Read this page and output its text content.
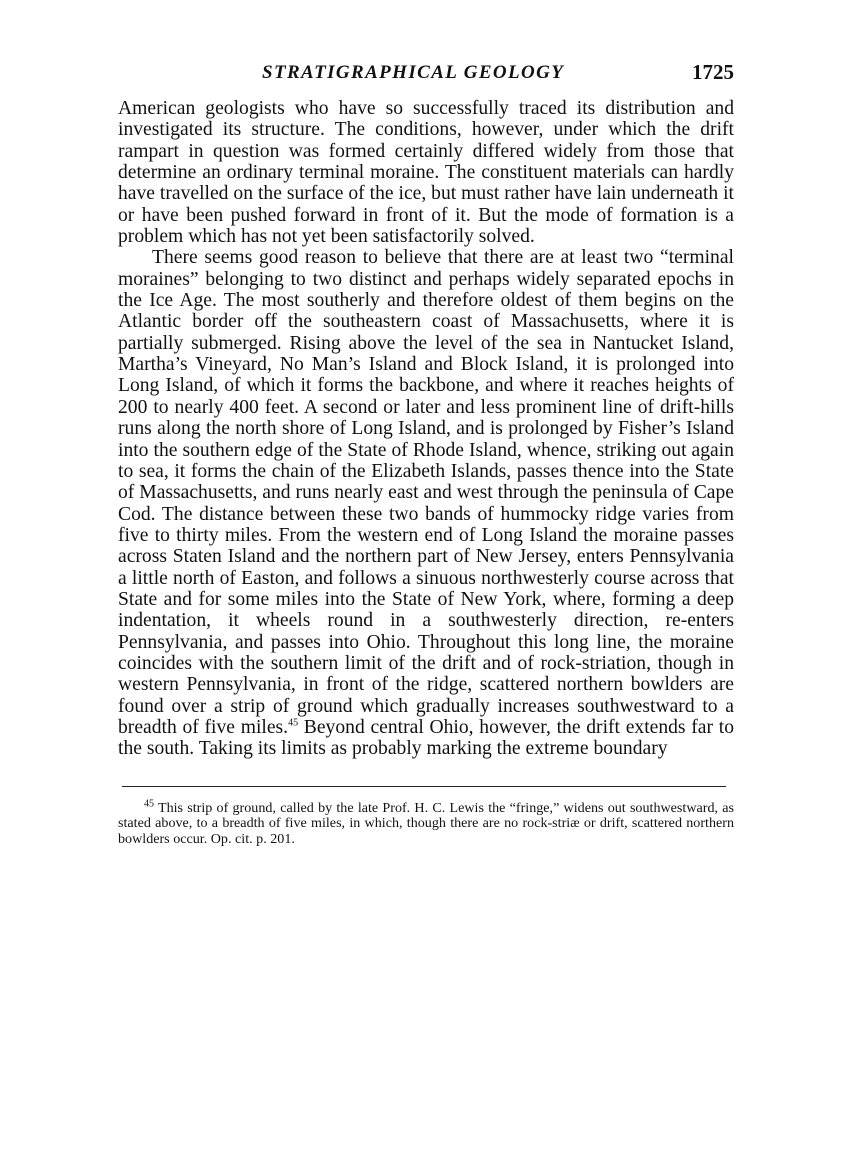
STRATIGRAPHICAL GEOLOGY	1725

American geologists who have so successfully traced its distribution and investigated its structure. The conditions, however, under which the drift rampart in question was formed certainly differed widely from those that determine an ordinary terminal moraine. The constituent materials can hardly have travelled on the surface of the ice, but must rather have lain underneath it or have been pushed forward in front of it. But the mode of formation is a problem which has not yet been satisfactorily solved.

There seems good reason to believe that there are at least two “terminal moraines” belonging to two distinct and perhaps widely separated epochs in the Ice Age. The most southerly and therefore oldest of them begins on the Atlantic border off the southeastern coast of Massachusetts, where it is partially submerged. Rising above the level of the sea in Nantucket Island, Martha’s Vineyard, No Man’s Island and Block Island, it is prolonged into Long Island, of which it forms the backbone, and where it reaches heights of 200 to nearly 400 feet. A second or later and less prominent line of drift-hills runs along the north shore of Long Island, and is prolonged by Fisher’s Island into the southern edge of the State of Rhode Island, whence, striking out again to sea, it forms the chain of the Elizabeth Islands, passes thence into the State of Massachusetts, and runs nearly east and west through the peninsula of Cape Cod. The distance between these two bands of hummocky ridge varies from five to thirty miles. From the western end of Long Island the moraine passes across Staten Island and the northern part of New Jersey, enters Pennsylvania a little north of Easton, and follows a sinuous northwesterly course across that State and for some miles into the State of New York, where, forming a deep indentation, it wheels round in a southwesterly direction, re-enters Pennsylvania, and passes into Ohio. Throughout this long line, the moraine coincides with the southern limit of the drift and of rock-striation, though in western Pennsylvania, in front of the ridge, scattered northern bowlders are found over a strip of ground which gradually increases southwestward to a breadth of five miles.$^{45}$ Beyond central Ohio, however, the drift extends far to the south. Taking its limits as probably marking the extreme boundary

$^{45}$ This strip of ground, called by the late Prof. H. C. Lewis the “fringe,” widens out southwestward, as stated above, to a breadth of five miles, in which, though there are no rock-striæ or drift, scattered northern bowlders occur. Op. cit. p. 201.
